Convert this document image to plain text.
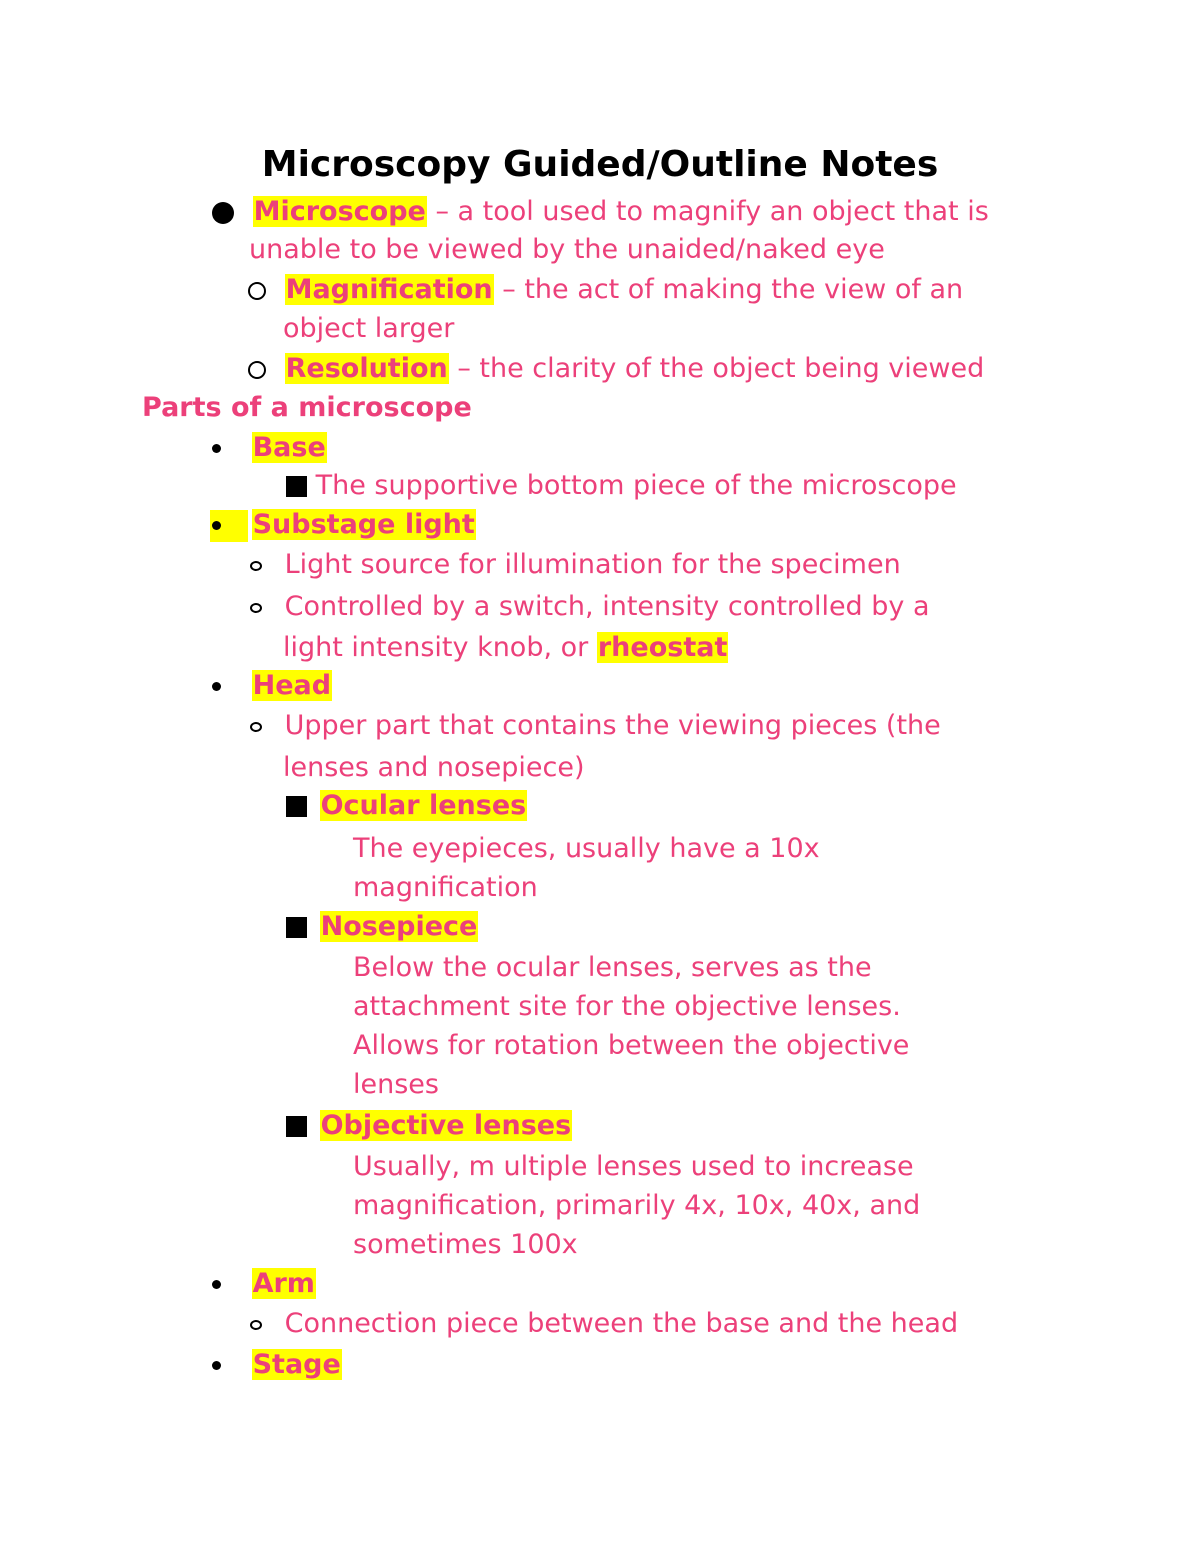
Microscopy Guided/Outline Notes
Microscope – a tool used to magnify an object that is
unable to be viewed by the unaided/naked eye
Magnification – the act of making the view of an
object larger
Resolution – the clarity of the object being viewed
Parts of a microscope
Base
The supportive bottom piece of the microscope
Substage light
Light source for illumination for the specimen
Controlled by a switch, intensity controlled by a
light intensity knob, or rheostat
Head
Upper part that contains the viewing pieces (the
lenses and nosepiece)
Ocular lenses
The eyepieces, usually have a 10x
magnification
Nosepiece
Below the ocular lenses, serves as the
attachment site for the objective lenses.
Allows for rotation between the objective
lenses
Objective lenses
Usually, m ultiple lenses used to increase
magnification, primarily 4x, 10x, 40x, and
sometimes 100x
Arm
Connection piece between the base and the head
Stage
